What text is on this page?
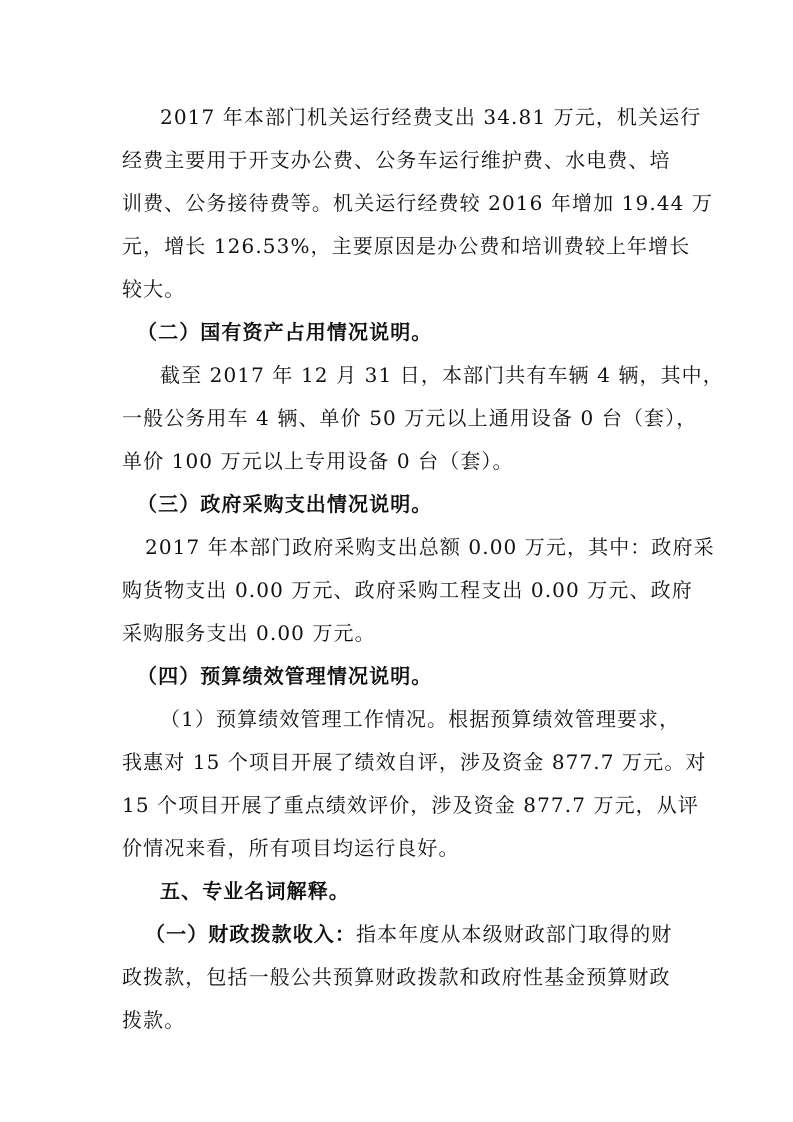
2017 年本部门机关运行经费支出 34.81 万元，机关运行
经费主要用于开支办公费、公务车运行维护费、水电费、培
训费、公务接待费等。机关运行经费较 2016 年增加 19.44 万
元，增长 126.53%，主要原因是办公费和培训费较上年增长
较大。
（二）国有资产占用情况说明。
截至 2017 年 12 月 31 日，本部门共有车辆 4 辆，其中，
一般公务用车 4 辆、单价 50 万元以上通用设备 0 台（套），
单价 100 万元以上专用设备 0 台（套）。
（三）政府采购支出情况说明。
2017 年本部门政府采购支出总额 0.00 万元，其中：政府采
购货物支出 0.00 万元、政府采购工程支出 0.00 万元、政府
采购服务支出 0.00 万元。
（四）预算绩效管理情况说明。
（1）预算绩效管理工作情况。根据预算绩效管理要求，
我惠对 15 个项目开展了绩效自评，涉及资金 877.7 万元。对
15 个项目开展了重点绩效评价，涉及资金 877.7 万元，从评
价情况来看，所有项目均运行良好。
五、专业名词解释。
（一）财政拨款收入：指本年度从本级财政部门取得的财
政拨款，包括一般公共预算财政拨款和政府性基金预算财政
拨款。
